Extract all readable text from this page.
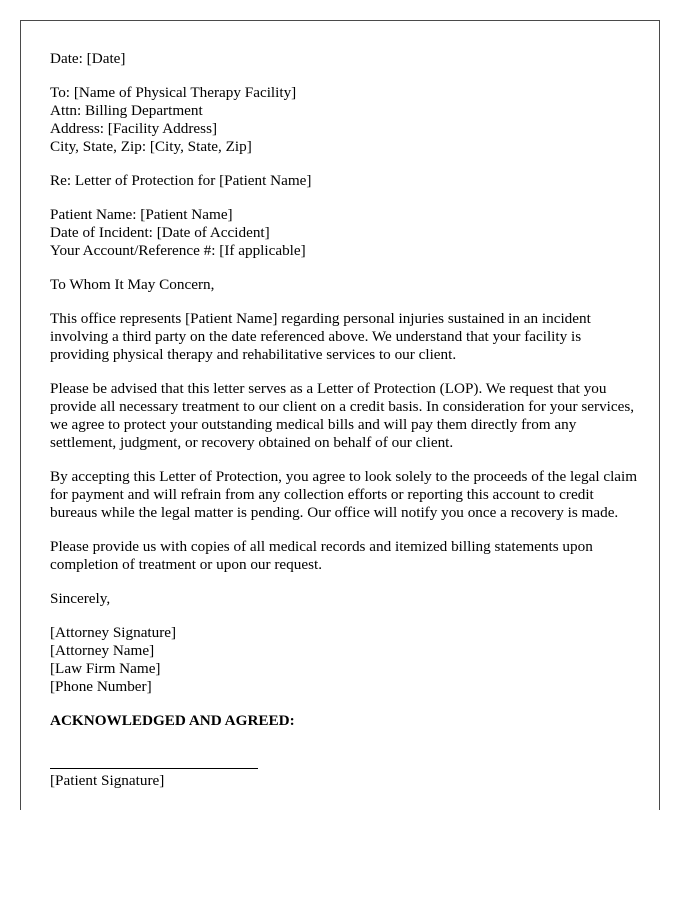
Date: [Date]
To: [Name of Physical Therapy Facility]
Attn: Billing Department
Address: [Facility Address]
City, State, Zip: [City, State, Zip]
Re: Letter of Protection for [Patient Name]
Patient Name: [Patient Name]
Date of Incident: [Date of Accident]
Your Account/Reference #: [If applicable]
To Whom It May Concern,

This office represents [Patient Name] regarding personal injuries sustained in an incident involving a third party on the date referenced above. We understand that your facility is providing physical therapy and rehabilitative services to our client.

Please be advised that this letter serves as a Letter of Protection (LOP). We request that you provide all necessary treatment to our client on a credit basis. In consideration for your services, we agree to protect your outstanding medical bills and will pay them directly from any settlement, judgment, or recovery obtained on behalf of our client.

By accepting this Letter of Protection, you agree to look solely to the proceeds of the legal claim for payment and will refrain from any collection efforts or reporting this account to credit bureaus while the legal matter is pending. Our office will notify you once a recovery is made.

Please provide us with copies of all medical records and itemized billing statements upon completion of treatment or upon our request.

Sincerely,
[Attorney Signature]
[Attorney Name]
[Law Firm Name]
[Phone Number]
ACKNOWLEDGED AND AGREED:
[Patient Signature]
